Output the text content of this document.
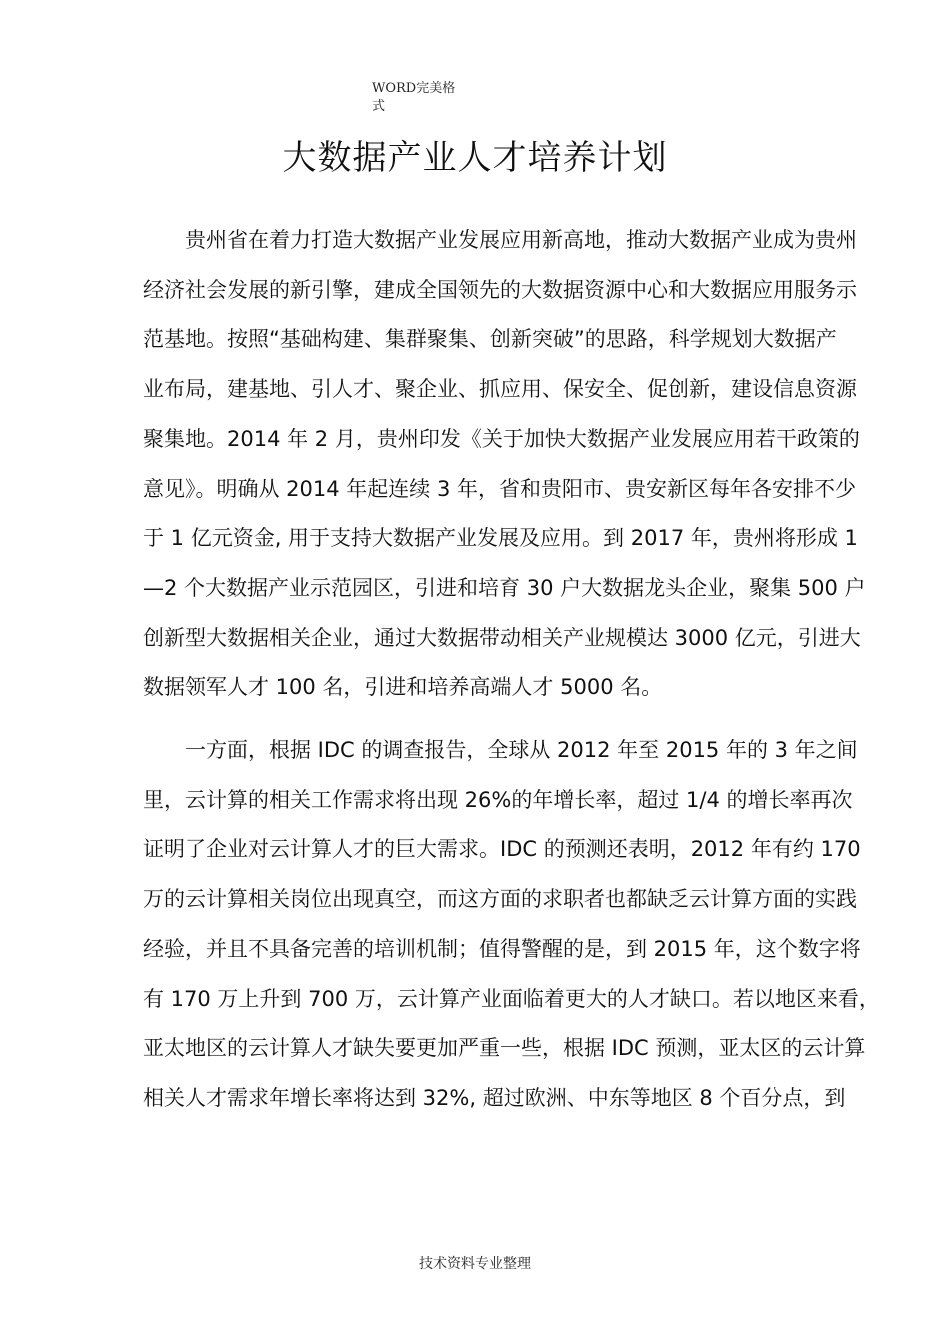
WORD完美格式
大数据产业人才培养计划
　　贵州省在着力打造大数据产业发展应用新高地，推动大数据产业成为贵州
经济社会发展的新引擎，建成全国领先的大数据资源中心和大数据应用服务示
范基地。按照“基础构建、集群聚集、创新突破”的思路，科学规划大数据产
业布局，建基地、引人才、聚企业、抓应用、保安全、促创新，建设信息资源
聚集地。2014 年 2 月，贵州印发《关于加快大数据产业发展应用若干政策的
意见》。明确从 2014 年起连续 3 年，省和贵阳市、贵安新区每年各安排不少
于 1 亿元资金, 用于支持大数据产业发展及应用。到 2017 年，贵州将形成 1
—2 个大数据产业示范园区，引进和培育 30 户大数据龙头企业，聚集 500 户
创新型大数据相关企业，通过大数据带动相关产业规模达 3000 亿元，引进大
数据领军人才 100 名，引进和培养高端人才 5000 名。
　　一方面，根据 IDC 的调查报告，全球从 2012 年至 2015 年的 3 年之间
里，云计算的相关工作需求将出现 26%的年增长率，超过 1/4 的增长率再次
证明了企业对云计算人才的巨大需求。IDC 的预测还表明，2012 年有约 170
万的云计算相关岗位出现真空，而这方面的求职者也都缺乏云计算方面的实践
经验，并且不具备完善的培训机制；值得警醒的是，到 2015 年，这个数字将
有 170 万上升到 700 万，云计算产业面临着更大的人才缺口。若以地区来看，
亚太地区的云计算人才缺失要更加严重一些，根据 IDC 预测，亚太区的云计算
相关人才需求年增长率将达到 32%, 超过欧洲、中东等地区 8 个百分点，到
技术资料专业整理
